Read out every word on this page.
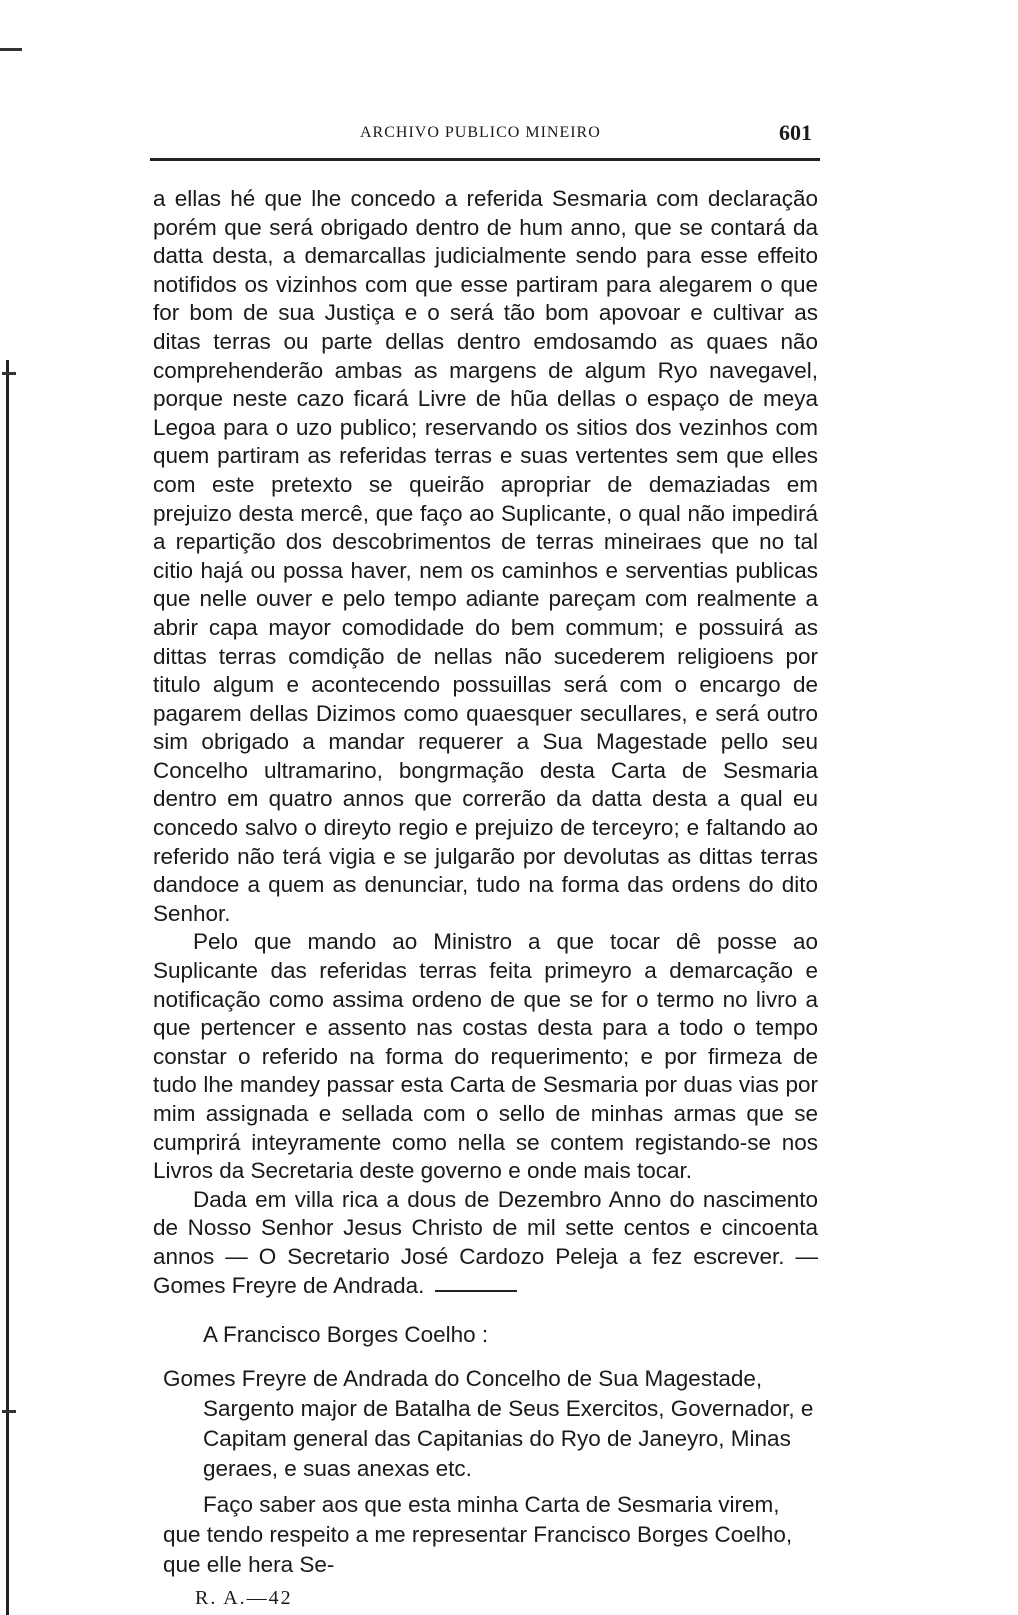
ARCHIVO PUBLICO MINEIRO	601

a ellas hé que lhe concedo a referida Sesmaria com declaração porém que será obrigado dentro de hum anno, que se contará da datta desta, a demarcallas judicialmente sendo para esse effeito notifidos os vizinhos com que esse partiram para alegarem o que for bom de sua Justiça e o será tão bom apovoar e cultivar as ditas terras ou parte dellas dentro emdosamdo as quaes não comprehenderão ambas as margens de algum Ryo navegavel, porque neste cazo ficará Livre de hũa dellas o espaço de meya Legoa para o uzo publico; reservando os sitios dos vezinhos com quem partiram as referidas terras e suas vertentes sem que elles com este pretexto se queirão apropriar de demaziadas em prejuizo desta mercê, que faço ao Suplicante, o qual não impedirá a repartição dos descobrimentos de terras mineiraes que no tal citio hajá ou possa haver, nem os caminhos e serventias publicas que nelle ouver e pelo tempo adiante pareçam com realmente a abrir capa mayor comodidade do bem commum; e possuirá as dittas terras comdição de nellas não sucederem religioens por titulo algum e acontecendo possuillas será com o encargo de pagarem dellas Dizimos como quaesquer secullares, e será outro sim obrigado a mandar requerer a Sua Magestade pello seu Concelho ultramarino, bongrmação desta Carta de Sesmaria dentro em quatro annos que correrão da datta desta a qual eu concedo salvo o direyto regio e prejuizo de terceyro; e faltando ao referido não terá vigia e se julgarão por devolutas as dittas terras dandoce a quem as denunciar, tudo na forma das ordens do dito Senhor.

Pelo que mando ao Ministro a que tocar dê posse ao Suplicante das referidas terras feita primeyro a demarcação e notificação como assima ordeno de que se for o termo no livro a que pertencer e assento nas costas desta para a todo o tempo constar o referido na forma do requerimento; e por firmeza de tudo lhe mandey passar esta Carta de Sesmaria por duas vias por mim assignada e sellada com o sello de minhas armas que se cumprirá inteyramente como nella se contem registando-se nos Livros da Secretaria deste governo e onde mais tocar.

Dada em villa rica a dous de Dezembro Anno do nascimento de Nosso Senhor Jesus Christo de mil sette centos e cincoenta annos — O Secretario José Cardozo Peleja a fez escrever. — Gomes Freyre de Andrada.

A Francisco Borges Coelho :

Gomes Freyre de Andrada do Concelho de Sua Magestade, Sargento major de Batalha de Seus Exercitos, Governador, e Capitam general das Capitanias do Ryo de Janeyro, Minas geraes, e suas anexas etc.

Faço saber aos que esta minha Carta de Sesmaria virem, que tendo respeito a me representar Francisco Borges Coelho, que elle hera Se-

R. A.—42
